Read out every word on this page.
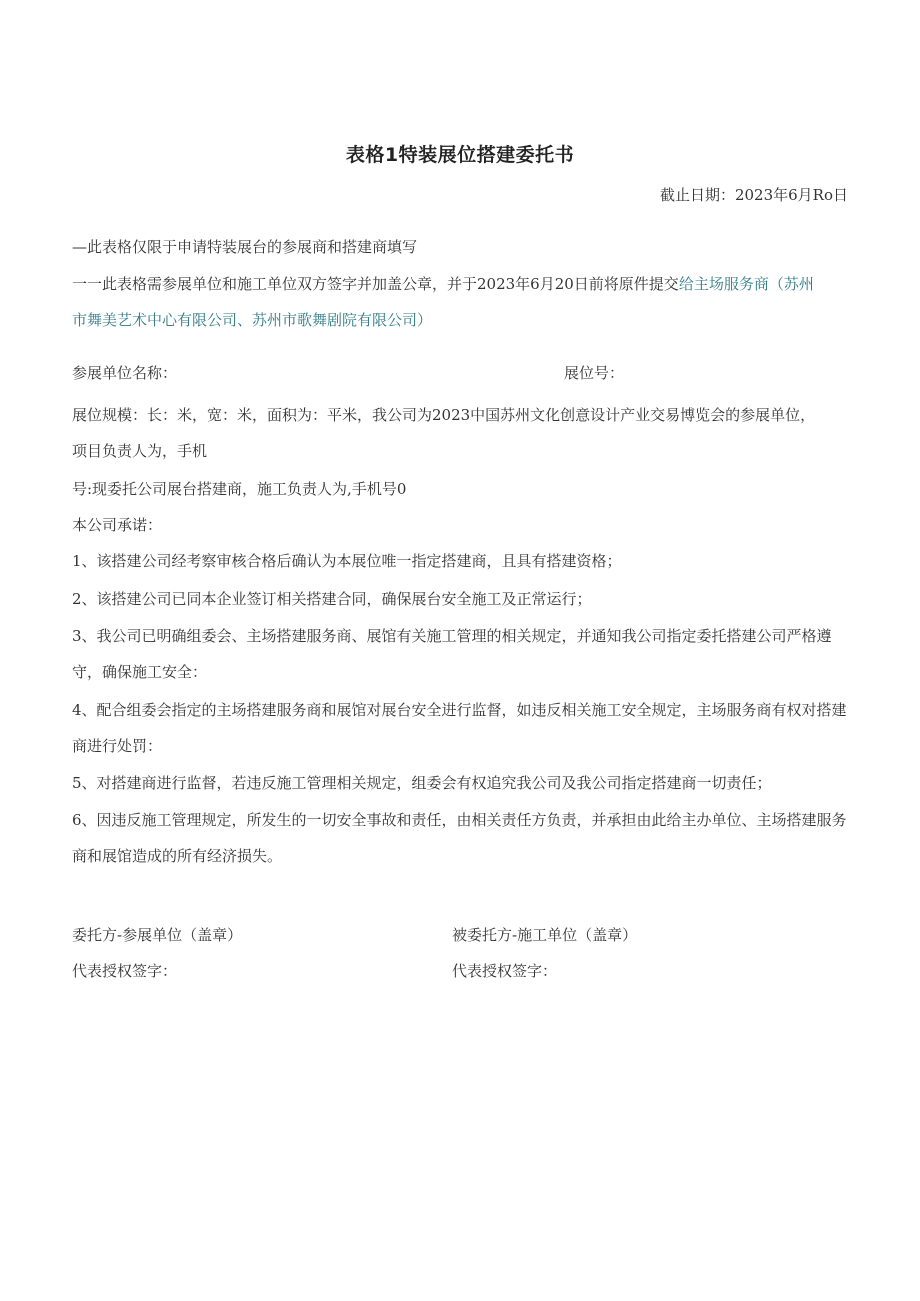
表格1特装展位搭建委托书
截止日期：2023年6月Ro日
—此表格仅限于申请特装展台的参展商和搭建商填写
一一此表格需参展单位和施工单位双方签字并加盖公章，并于2023年6月20日前将原件提交给主场服务商（苏州
市舞美艺术中心有限公司、苏州市歌舞剧院有限公司）
参展单位名称：	展位号：
展位规模：长：米，宽：米，面积为：平米，我公司为2023中国苏州文化创意设计产业交易博览会的参展单位，
项目负责人为，手机
号:现委托公司展台搭建商，施工负责人为,手机号0
本公司承诺：
1、该搭建公司经考察审核合格后确认为本展位唯一指定搭建商，且具有搭建资格；
2、该搭建公司已同本企业签订相关搭建合同，确保展台安全施工及正常运行；
3、我公司已明确组委会、主场搭建服务商、展馆有关施工管理的相关规定，并通知我公司指定委托搭建公司严格遵守，确保施工安全：
4、配合组委会指定的主场搭建服务商和展馆对展台安全进行监督，如违反相关施工安全规定，主场服务商有权对搭建商进行处罚：
5、对搭建商进行监督，若违反施工管理相关规定，组委会有权追究我公司及我公司指定搭建商一切责任；
6、因违反施工管理规定，所发生的一切安全事故和责任，由相关责任方负责，并承担由此给主办单位、主场搭建服务商和展馆造成的所有经济损失。
委托方-参展单位（盖章）	被委托方-施工单位（盖章）
代表授权签字：	代表授权签字：
